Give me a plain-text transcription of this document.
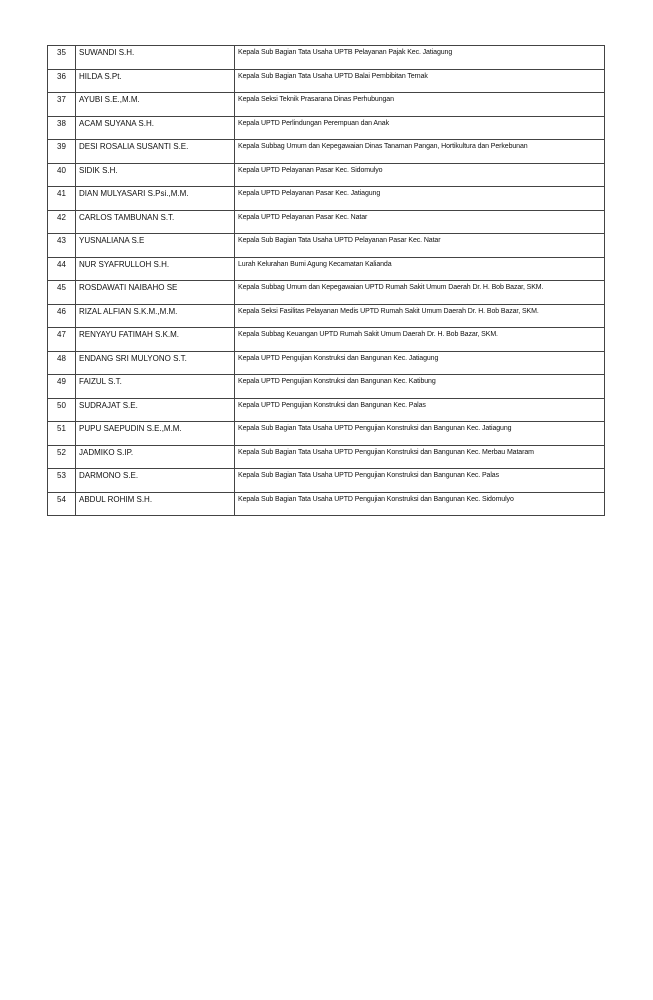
35	SUWANDI S.H.	Kepala Sub Bagian Tata Usaha UPTB Pelayanan Pajak Kec. Jatiagung
36	HILDA S.Pt.	Kepala Sub Bagian Tata Usaha UPTD Balai Pembibitan Ternak
37	AYUBI S.E.,M.M.	Kepala Seksi Teknik Prasarana Dinas Perhubungan
38	ACAM SUYANA S.H.	Kepala UPTD Perlindungan Perempuan dan Anak
39	DESI ROSALIA SUSANTI S.E.	Kepala Subbag Umum dan Kepegawaian Dinas Tanaman Pangan, Hortikultura dan Perkebunan
40	SIDIK S.H.	Kepala UPTD Pelayanan Pasar Kec. Sidomulyo
41	DIAN MULYASARI S.Psi.,M.M.	Kepala UPTD Pelayanan Pasar Kec. Jatiagung
42	CARLOS TAMBUNAN S.T.	Kepala UPTD Pelayanan Pasar Kec. Natar
43	YUSNALIANA S.E	Kepala Sub Bagian Tata Usaha UPTD Pelayanan Pasar Kec. Natar
44	NUR SYAFRULLOH S.H.	Lurah Kelurahan Bumi Agung Kecamatan Kalianda
45	ROSDAWATI NAIBAHO SE	Kepala Subbag Umum dan Kepegawaian UPTD Rumah Sakit Umum Daerah Dr. H. Bob Bazar, SKM.
46	RIZAL ALFIAN S.K.M.,M.M.	Kepala Seksi Fasilitas Pelayanan Medis UPTD Rumah Sakit Umum Daerah Dr. H. Bob Bazar, SKM.
47	RENYAYU FATIMAH S.K.M.	Kepala Subbag Keuangan UPTD Rumah Sakit Umum Daerah Dr. H. Bob Bazar, SKM.
48	ENDANG SRI MULYONO S.T.	Kepala UPTD Pengujian Konstruksi dan Bangunan Kec. Jatiagung
49	FAIZUL S.T.	Kepala UPTD Pengujian Konstruksi dan Bangunan Kec. Katibung
50	SUDRAJAT S.E.	Kepala UPTD Pengujian Konstruksi dan Bangunan Kec. Palas
51	PUPU SAEPUDIN S.E.,M.M.	Kepala Sub Bagian Tata Usaha UPTD Pengujian Konstruksi dan Bangunan Kec. Jatiagung
52	JADMIKO S.IP.	Kepala Sub Bagian Tata Usaha UPTD Pengujian Konstruksi dan Bangunan Kec. Merbau Mataram
53	DARMONO S.E.	Kepala Sub Bagian Tata Usaha UPTD Pengujian Konstruksi dan Bangunan Kec. Palas
54	ABDUL ROHIM S.H.	Kepala Sub Bagian Tata Usaha UPTD Pengujian Konstruksi dan Bangunan Kec. Sidomulyo
